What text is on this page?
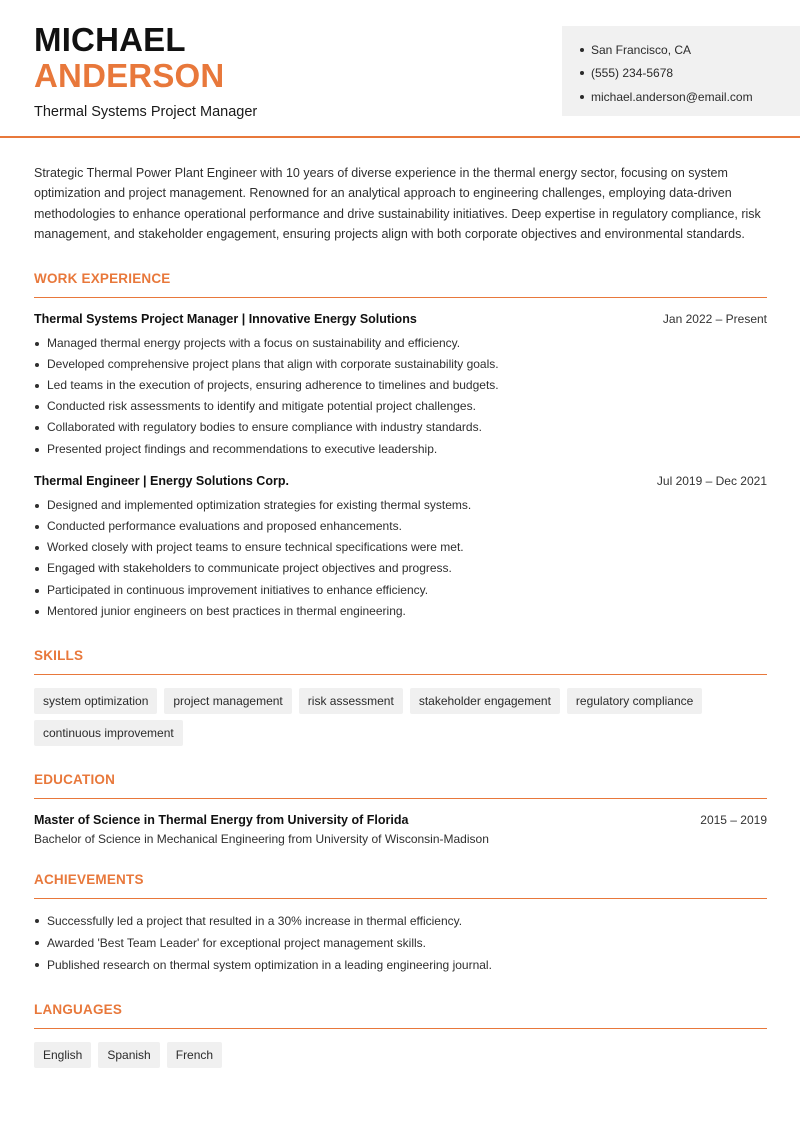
MICHAEL
ANDERSON
Thermal Systems Project Manager
San Francisco, CA
(555) 234-5678
michael.anderson@email.com

Strategic Thermal Power Plant Engineer with 10 years of diverse experience in the thermal energy sector, focusing on system optimization and project management. Renowned for an analytical approach to engineering challenges, employing data-driven methodologies to enhance operational performance and drive sustainability initiatives. Deep expertise in regulatory compliance, risk management, and stakeholder engagement, ensuring projects align with both corporate objectives and environmental standards.

WORK EXPERIENCE
Thermal Systems Project Manager | Innovative Energy Solutions	Jan 2022 – Present
Managed thermal energy projects with a focus on sustainability and efficiency.
Developed comprehensive project plans that align with corporate sustainability goals.
Led teams in the execution of projects, ensuring adherence to timelines and budgets.
Conducted risk assessments to identify and mitigate potential project challenges.
Collaborated with regulatory bodies to ensure compliance with industry standards.
Presented project findings and recommendations to executive leadership.
Thermal Engineer | Energy Solutions Corp.	Jul 2019 – Dec 2021
Designed and implemented optimization strategies for existing thermal systems.
Conducted performance evaluations and proposed enhancements.
Worked closely with project teams to ensure technical specifications were met.
Engaged with stakeholders to communicate project objectives and progress.
Participated in continuous improvement initiatives to enhance efficiency.
Mentored junior engineers on best practices in thermal engineering.
SKILLS
system optimization	project management	risk assessment	stakeholder engagement	regulatory compliance
continuous improvement
EDUCATION
Master of Science in Thermal Energy from University of Florida	2015 – 2019
Bachelor of Science in Mechanical Engineering from University of Wisconsin-Madison
ACHIEVEMENTS
Successfully led a project that resulted in a 30% increase in thermal efficiency.
Awarded 'Best Team Leader' for exceptional project management skills.
Published research on thermal system optimization in a leading engineering journal.
LANGUAGES
English	Spanish	French
